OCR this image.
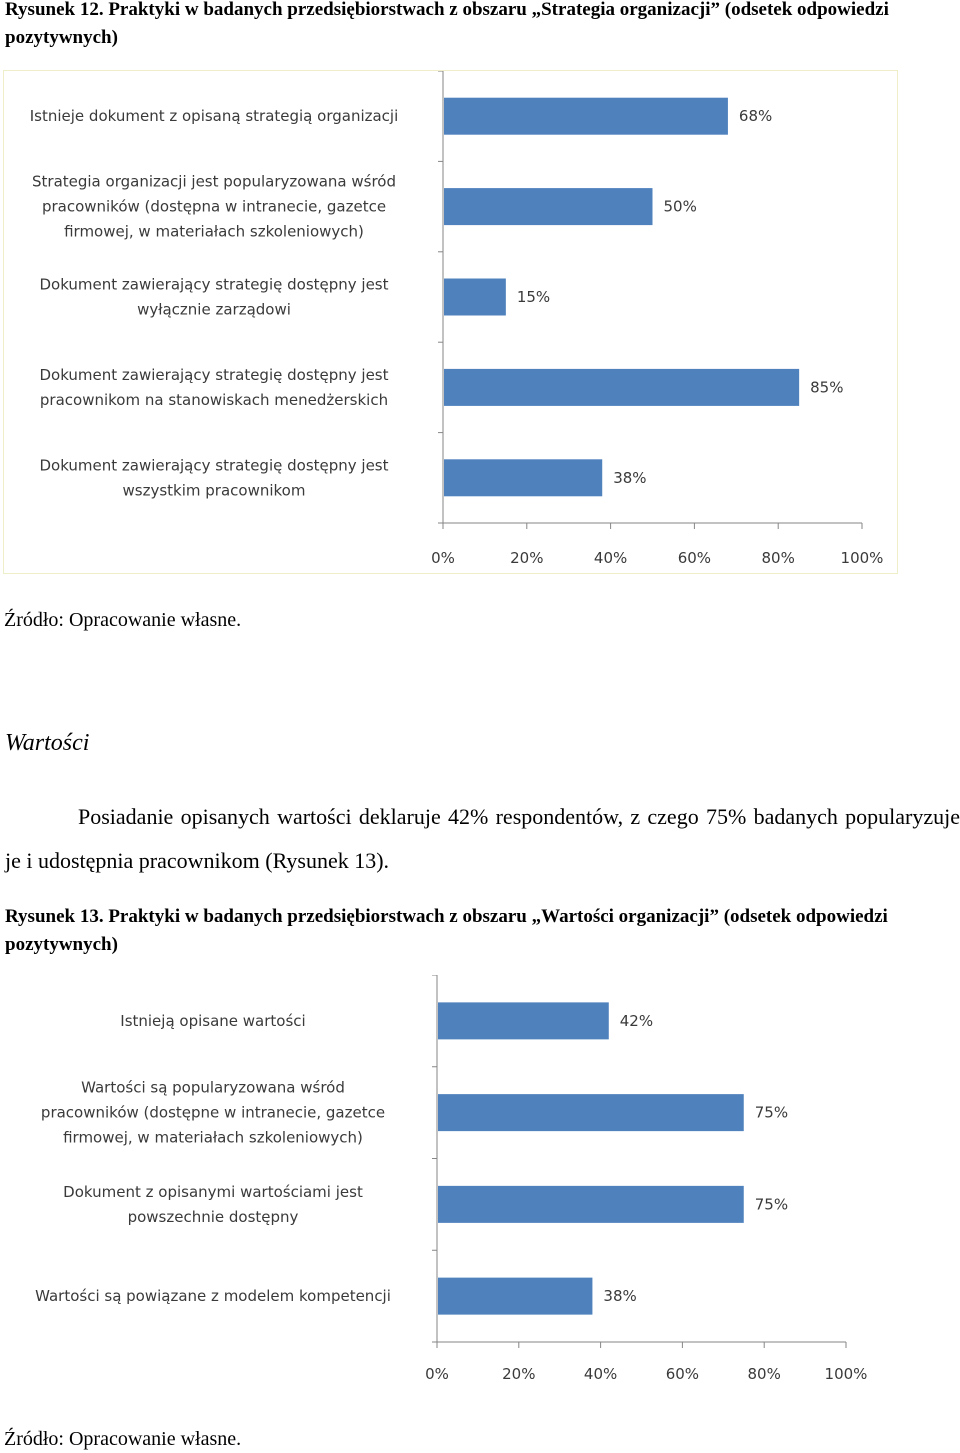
Rysunek 12. Praktyki w badanych przedsiębiorstwach z obszaru „Strategia organizacji” (odsetek odpowiedzi pozytywnych)
0%	20%	40%	60%	80%	100%
68%
Istnieje dokument z opisaną strategią organizacji
50%
Strategia organizacji jest popularyzowana wśród pracowników (dostępna w intranecie, gazetce firmowej, w materiałach szkoleniowych)
15%
Dokument zawierający strategię dostępny jest wyłącznie zarządowi
85%
Dokument zawierający strategię dostępny jest pracownikom na stanowiskach menedżerskich
38%
Dokument zawierający strategię dostępny jest wszystkim pracownikom
Źródło: Opracowanie własne.
Wartości
Posiadanie opisanych wartości deklaruje 42% respondentów, z czego 75% badanych popularyzuje je i udostępnia pracownikom (Rysunek 13).
Rysunek 13. Praktyki w badanych przedsiębiorstwach z obszaru „Wartości organizacji” (odsetek odpowiedzi pozytywnych)
0%	20%	40%	60%	80%	100%
42%
Istnieją opisane wartości
75%
Wartości są popularyzowana wśród pracowników (dostępne w intranecie, gazetce firmowej, w materiałach szkoleniowych)
75%
Dokument z opisanymi wartościami jest powszechnie dostępny
38%
Wartości są powiązane z modelem kompetencji
Źródło: Opracowanie własne.
